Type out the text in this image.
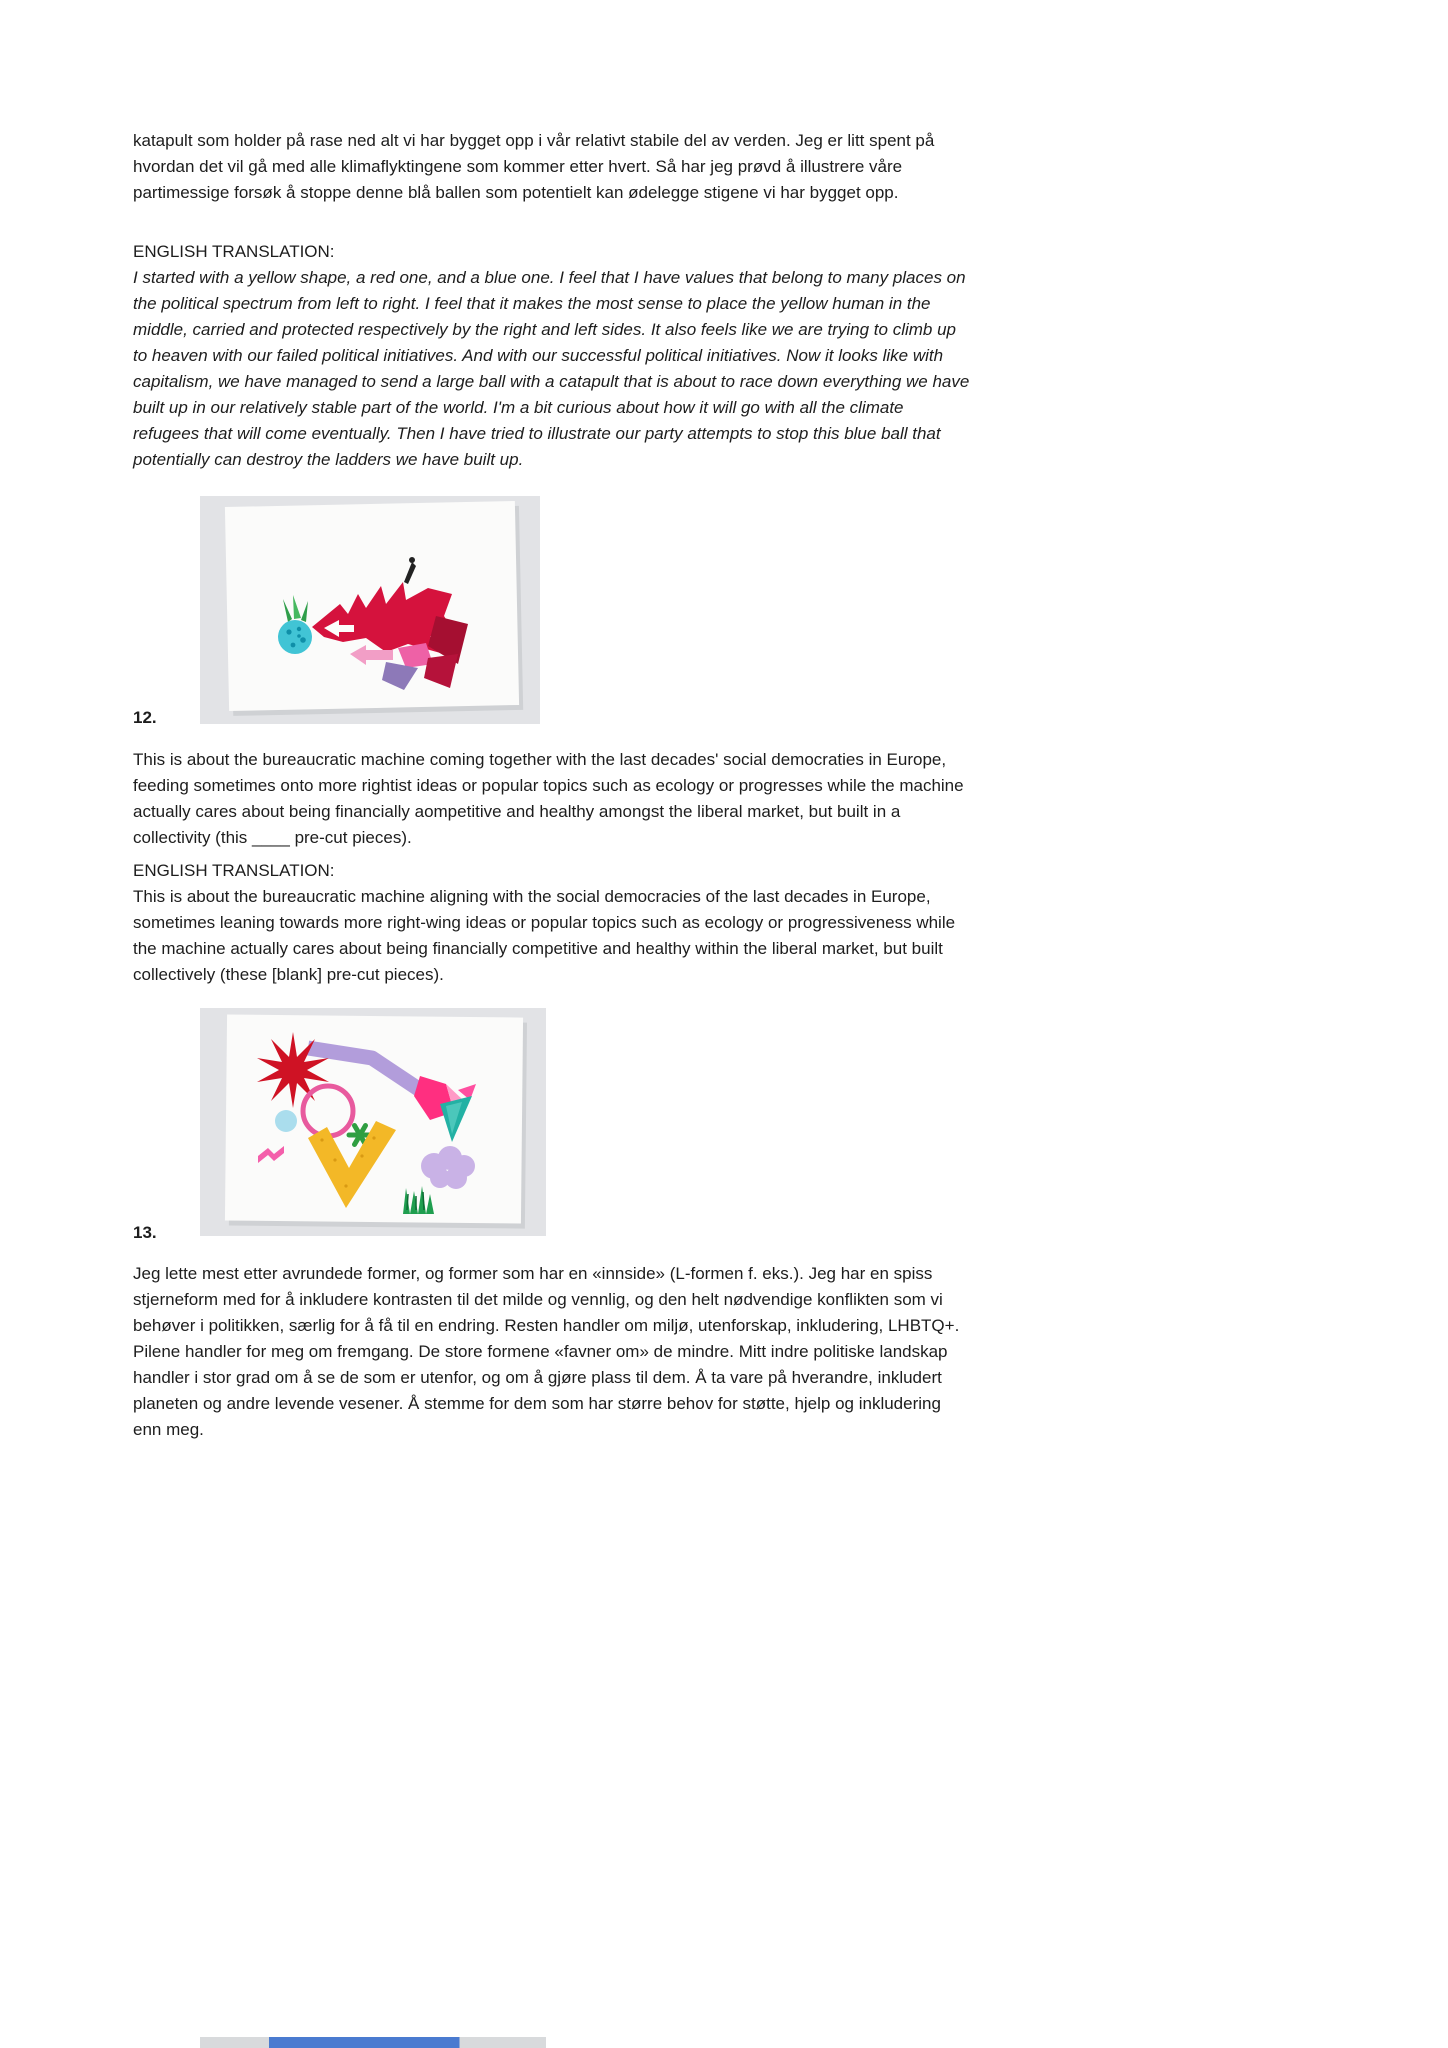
katapult som holder på rase ned alt vi har bygget opp i vår relativt stabile del av verden. Jeg er litt spent på hvordan det vil gå med alle klimaflyktingene som kommer etter hvert. Så har jeg prøvd å illustrere våre partimessige forsøk å stoppe denne blå ballen som potentielt kan ødelegge stigene vi har bygget opp.

ENGLISH TRANSLATION:

I started with a yellow shape, a red one, and a blue one. I feel that I have values that belong to many places on the political spectrum from left to right. I feel that it makes the most sense to place the yellow human in the middle, carried and protected respectively by the right and left sides. It also feels like we are trying to climb up to heaven with our failed political initiatives. And with our successful political initiatives. Now it looks like with capitalism, we have managed to send a large ball with a catapult that is about to race down everything we have built up in our relatively stable part of the world. I'm a bit curious about how it will go with all the climate refugees that will come eventually. Then I have tried to illustrate our party attempts to stop this blue ball that potentially can destroy the ladders we have built up.

12.

This is about the bureaucratic machine coming together with the last decades' social democraties in Europe, feeding sometimes onto more rightist ideas or popular topics such as ecology or progresses while the machine actually cares about being financially aompetitive and healthy amongst the liberal market, but built in a collectivity (this ____ pre-cut pieces).

ENGLISH TRANSLATION:

This is about the bureaucratic machine aligning with the social democracies of the last decades in Europe, sometimes leaning towards more right-wing ideas or popular topics such as ecology or progressiveness while the machine actually cares about being financially competitive and healthy within the liberal market, but built collectively (these [blank] pre-cut pieces).

13.

Jeg lette mest etter avrundede former, og former som har en «innside» (L-formen f. eks.). Jeg har en spiss stjerneform med for å inkludere kontrasten til det milde og vennlig, og den helt nødvendige konflikten som vi behøver i politikken, særlig for å få til en endring. Resten handler om miljø, utenforskap, inkludering, LHBTQ+. Pilene handler for meg om fremgang. De store formene «favner om» de mindre. Mitt indre politiske landskap handler i stor grad om å se de som er utenfor, og om å gjøre plass til dem. Å ta vare på hverandre, inkludert planeten og andre levende vesener. Å stemme for dem som har større behov for støtte, hjelp og inkludering enn meg.
